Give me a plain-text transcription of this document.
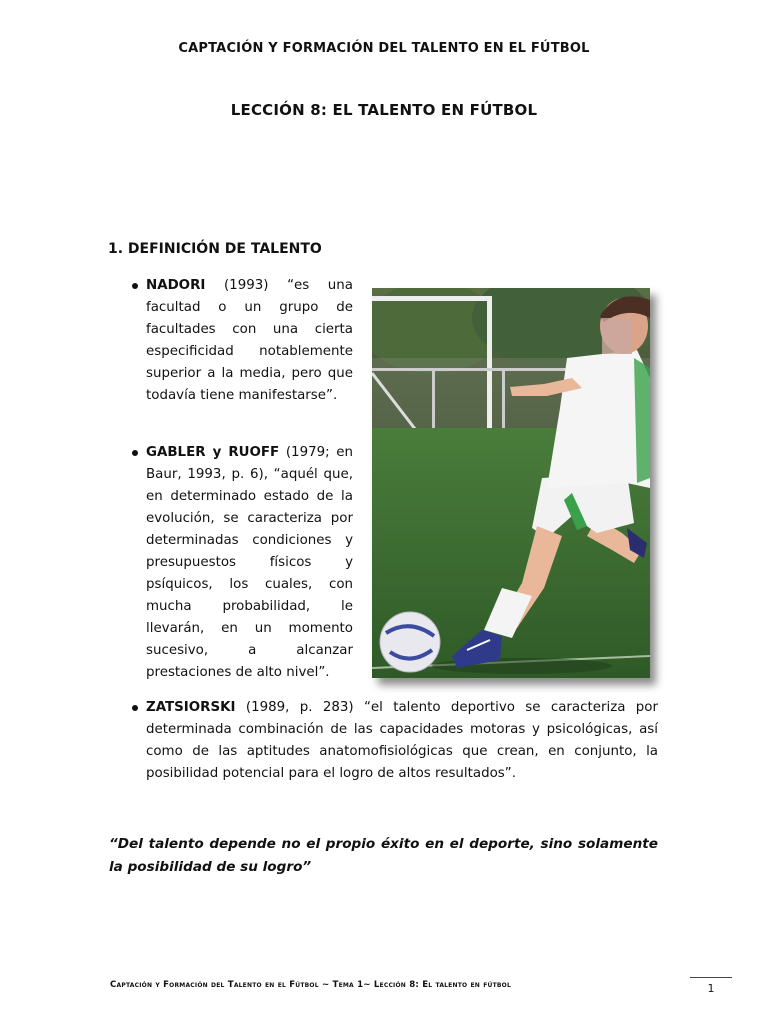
CAPTACIÓN Y FORMACIÓN DEL TALENTO EN EL FÚTBOL
LECCIÓN 8: EL TALENTO EN FÚTBOL
1. DEFINICIÓN DE TALENTO
NADORI (1993) “es una facultad o un grupo de facultades con una cierta especificidad notablemente superior a la media, pero que todavía tiene manifestarse”.
GABLER y RUOFF (1979; en Baur, 1993, p. 6), “aquél que, en determinado estado de la evolución, se caracteriza por determinadas condiciones y presupuestos físicos y psíquicos, los cuales, con mucha probabilidad, le llevarán, en un momento sucesivo, a alcanzar prestaciones de alto nivel”.
ZATSIORSKI (1989, p. 283) “el talento deportivo se caracteriza por determinada combinación de las capacidades motoras y psicológicas, así como de las aptitudes anatomofisiológicas que crean, en conjunto, la posibilidad potencial para el logro de altos resultados”.
“Del talento depende no el propio éxito en el deporte, sino solamente la posibilidad de su logro”
Captación y Formación del Talento en el Fútbol ~ Tema 1~ Lección 8: El talento en fútbol	1
